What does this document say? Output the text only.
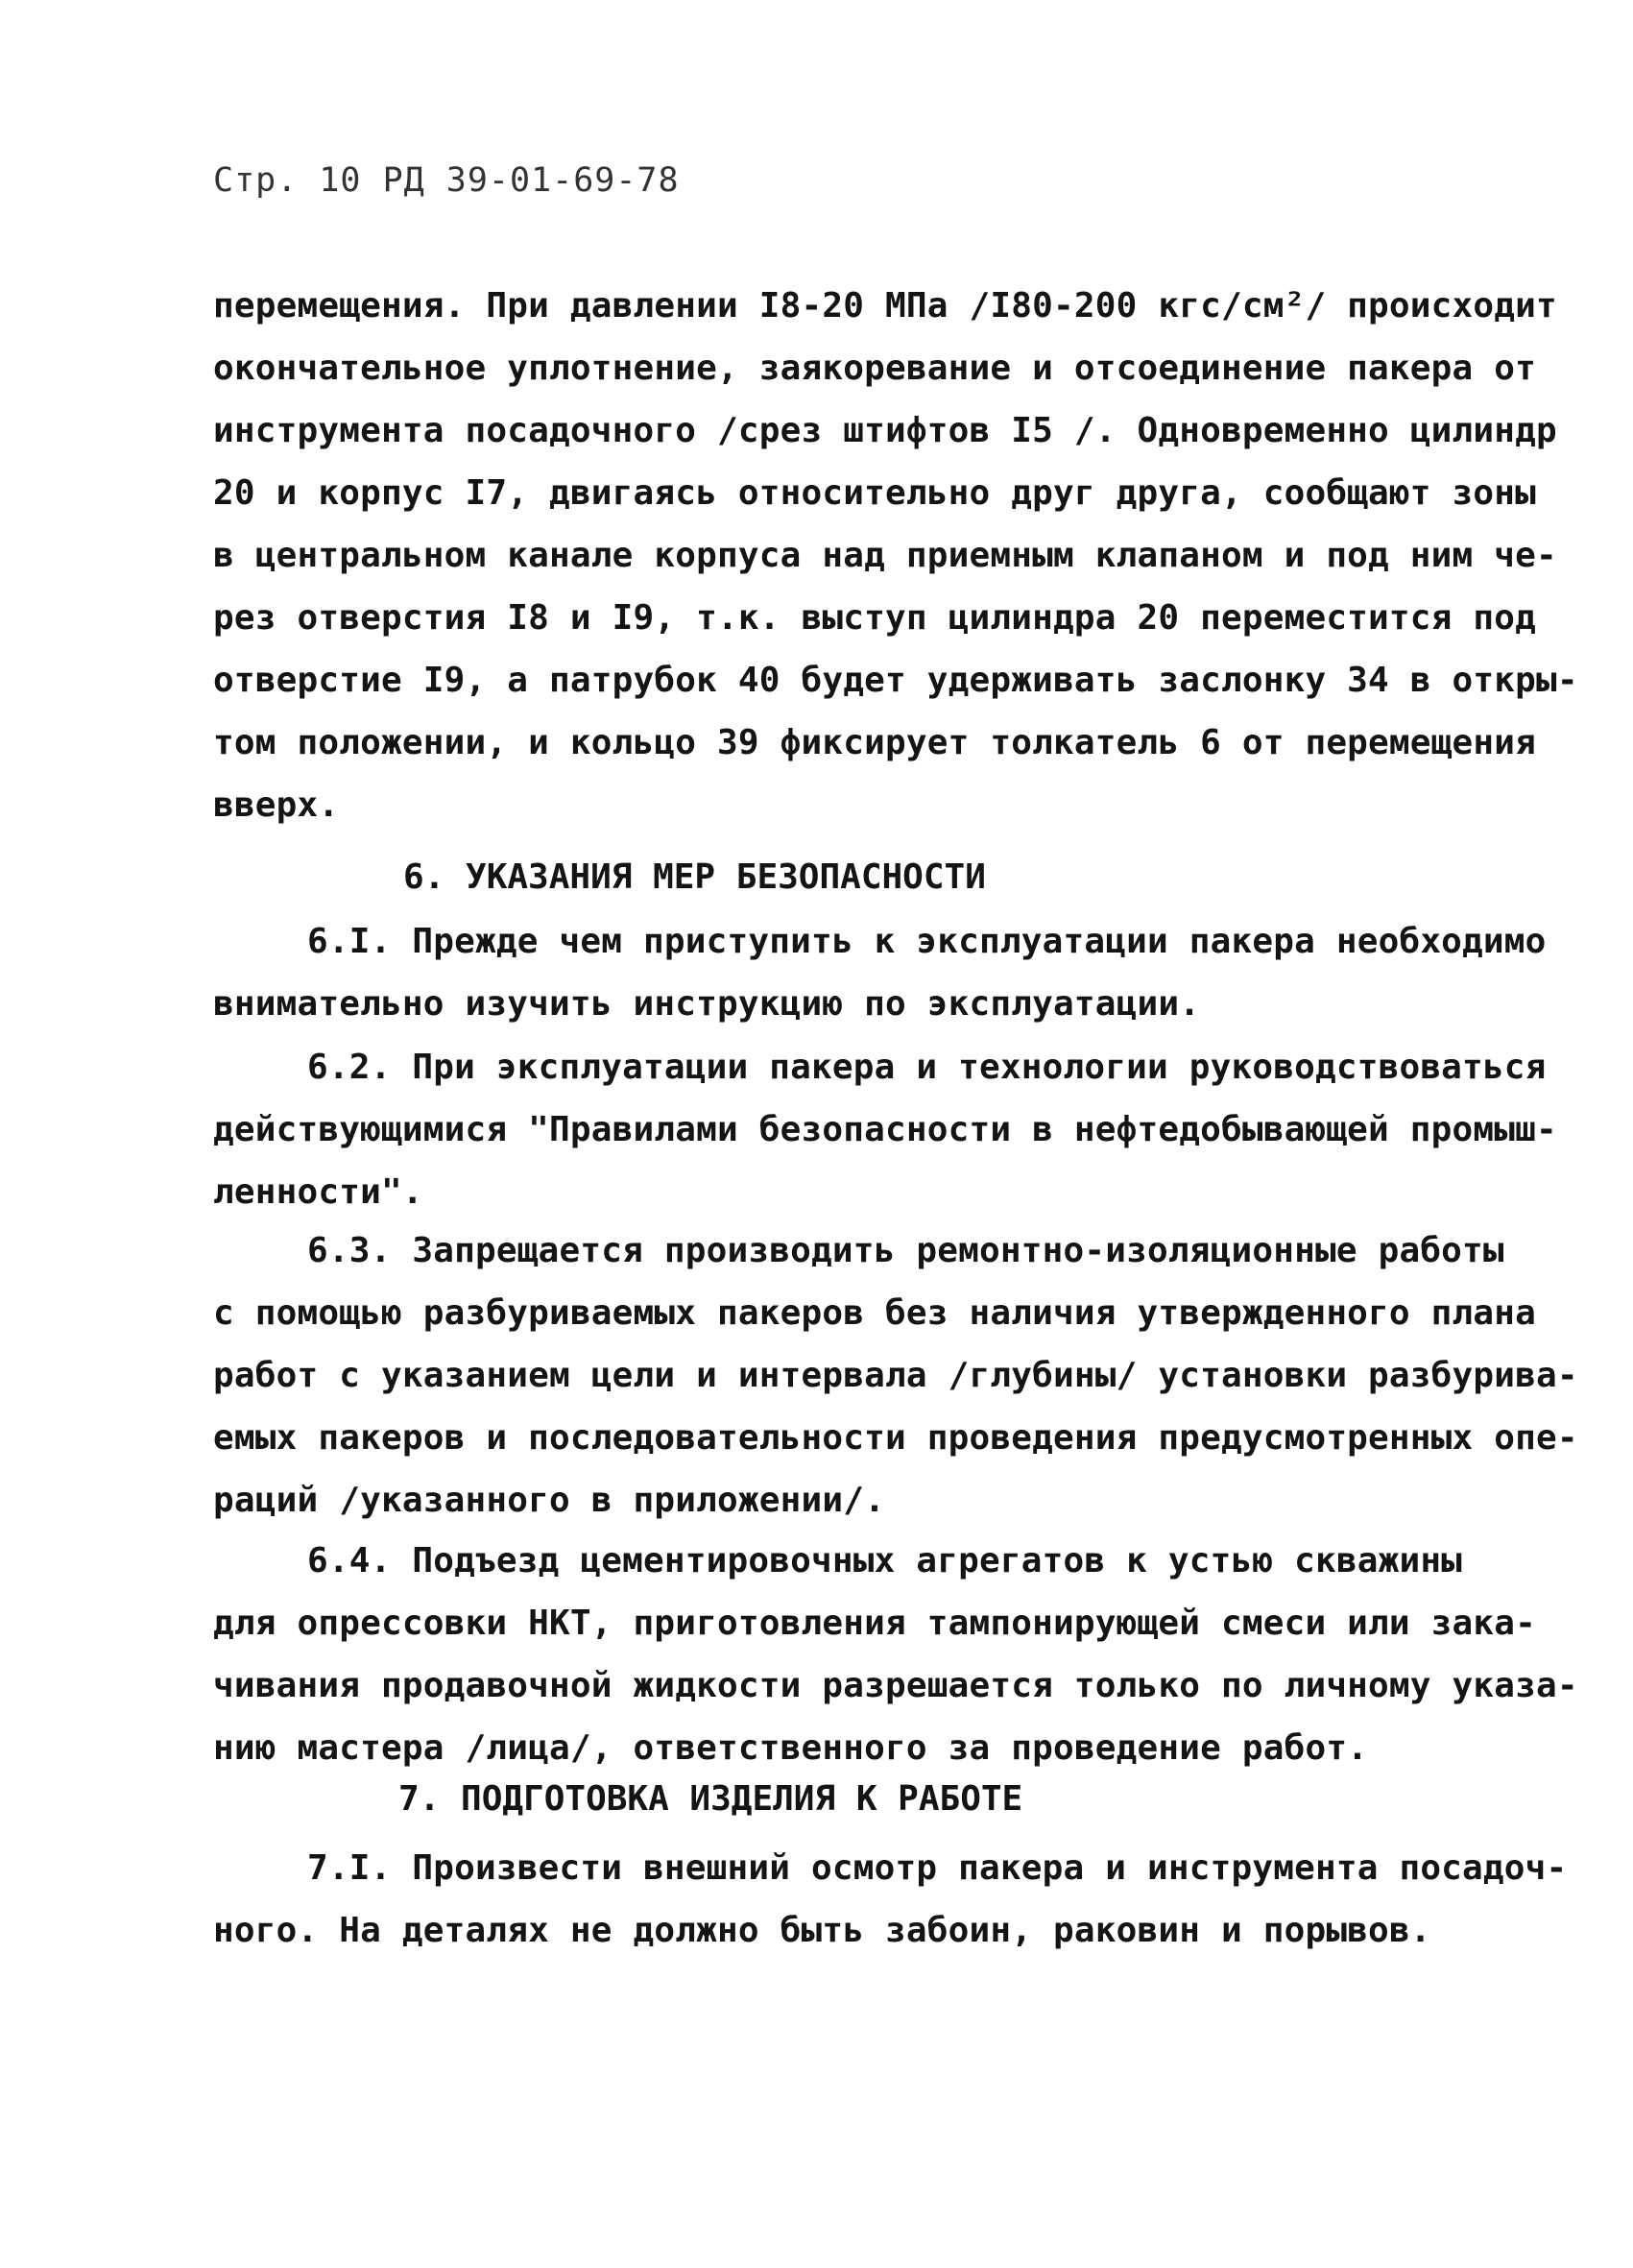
Стр. 10 РД 39-01-69-78
перемещения. При давлении I8-20 МПа /I80-200 кгс/см²/ происходит
окончательное уплотнение, заякоревание и отсоединение пакера от
инструмента посадочного /срез штифтов I5 /. Одновременно цилиндр
20 и корпус I7, двигаясь относительно друг друга, сообщают зоны
в центральном канале корпуса над приемным клапаном и под ним че-
рез отверстия I8 и I9, т.к. выступ цилиндра 20 переместится под
отверстие I9, а патрубок 40 будет удерживать заслонку 34 в откры-
том положении, и кольцо 39 фиксирует толкатель 6 от перемещения
вверх.
6. УКАЗАНИЯ МЕР БЕЗОПАСНОСТИ
6.I. Прежде чем приступить к эксплуатации пакера необходимо
внимательно изучить инструкцию по эксплуатации.
6.2. При эксплуатации пакера и технологии руководствоваться
действующимися "Правилами безопасности в нефтедобывающей промыш-
ленности".
6.3. Запрещается производить ремонтно-изоляционные работы
с помощью разбуриваемых пакеров без наличия утвержденного плана
работ с указанием цели и интервала /глубины/ установки разбурива-
емых пакеров и последовательности проведения предусмотренных опе-
раций /указанного в приложении/.
6.4. Подъезд цементировочных агрегатов к устью скважины
для опрессовки НКТ, приготовления тампонирующей смеси или зака-
чивания продавочной жидкости разрешается только по личному указа-
нию мастера /лица/, ответственного за проведение работ.
7. ПОДГОТОВКА ИЗДЕЛИЯ К РАБОТЕ
7.I. Произвести внешний осмотр пакера и инструмента посадоч-
ного. На деталях не должно быть забоин, раковин и порывов.
